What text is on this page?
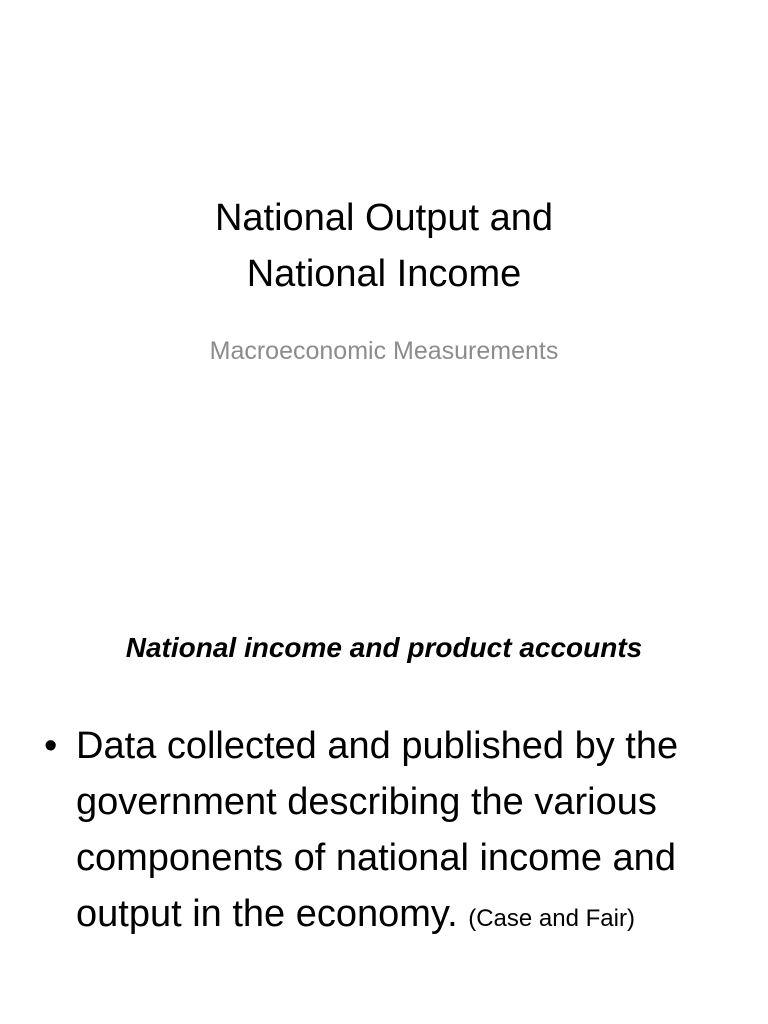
National Output and
National Income

Macroeconomic Measurements

National income and product accounts
• Data collected and published by the government describing the various components of national income and output in the economy. (Case and Fair)
